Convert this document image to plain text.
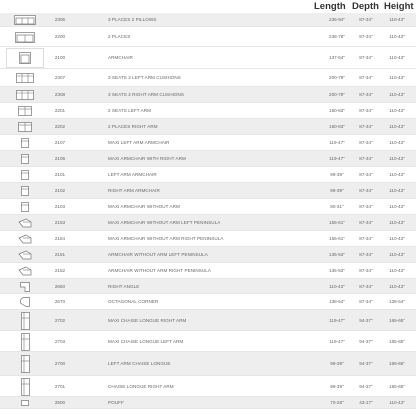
Length Depth Height
2306	3 PLACES 2 PILLOWS	236-94"	87-34"	110-43"
2200	2 PLACES	236-78"	87-34"	110-43"
2100	ARMCHAIR	137-54"	87-34"	110-43"
2307	3 SEATS 2 LEFT ARM CUSHIONS	200-79"	87-34"	110-43"
2308	3 SEATS 2 RIGHT ARM CUSHIONS	200-79"	87-34"	110-43"
2201	2 SEATS LEFT ARM	160-63"	87-34"	110-43"
2202	2 PLACES RIGHT ARM	160-63"	87-34"	110-43"
2107	MAXI LEFT ARM ARMCHAIR	119-47"	87-34"	110-43"
2106	MAXI ARMCHAIR WITH RIGHT ARM	119-47"	87-34"	110-43"
2101	LEFT ARM ARMCHAIR	99-39"	87-34"	110-43"
2102	RIGHT ARM ARMCHAIR	99-39"	87-34"	110-43"
2103	MAXI ARMCHAIR WITHOUT ARM	80-31"	87-34"	110-43"
2153	MAXI ARMCHAIR WITHOUT ARM LEFT PENINSULA	155-61"	87-34"	110-43"
2154	MAXI ARMCHAIR WITHOUT ARM RIGHT PENINSULA	155-61"	87-34"	110-43"
2151	ARMCHAIR WITHOUT ARM LEFT PENINSULA	135-53"	87-34"	110-43"
2152	ARMCHAIR WITHOUT ARM RIGHT PENINSULA	135-53"	87-34"	110-43"
2650	RIGHT ANGLE	110-43"	87-34"	110-43"
2670	OCTAGONAL CORNER	138-54"	87-34"	138-54"
2702	MAXI CHAISE LONGUE RIGHT ARM	119-47"	94-37"	165-65"
2703	MAXI CHAISE LONGUE LEFT ARM	119-47"	94-37"	165-65"
2700	LEFT ARM CHAISE LONGUE	99-39"	94-37"	165-65"
2701	CHAISE LONGUE RIGHT ARM	99-39"	94-37"	165-65"
2500	POUFF	70-28"	43-17"	110-43"
